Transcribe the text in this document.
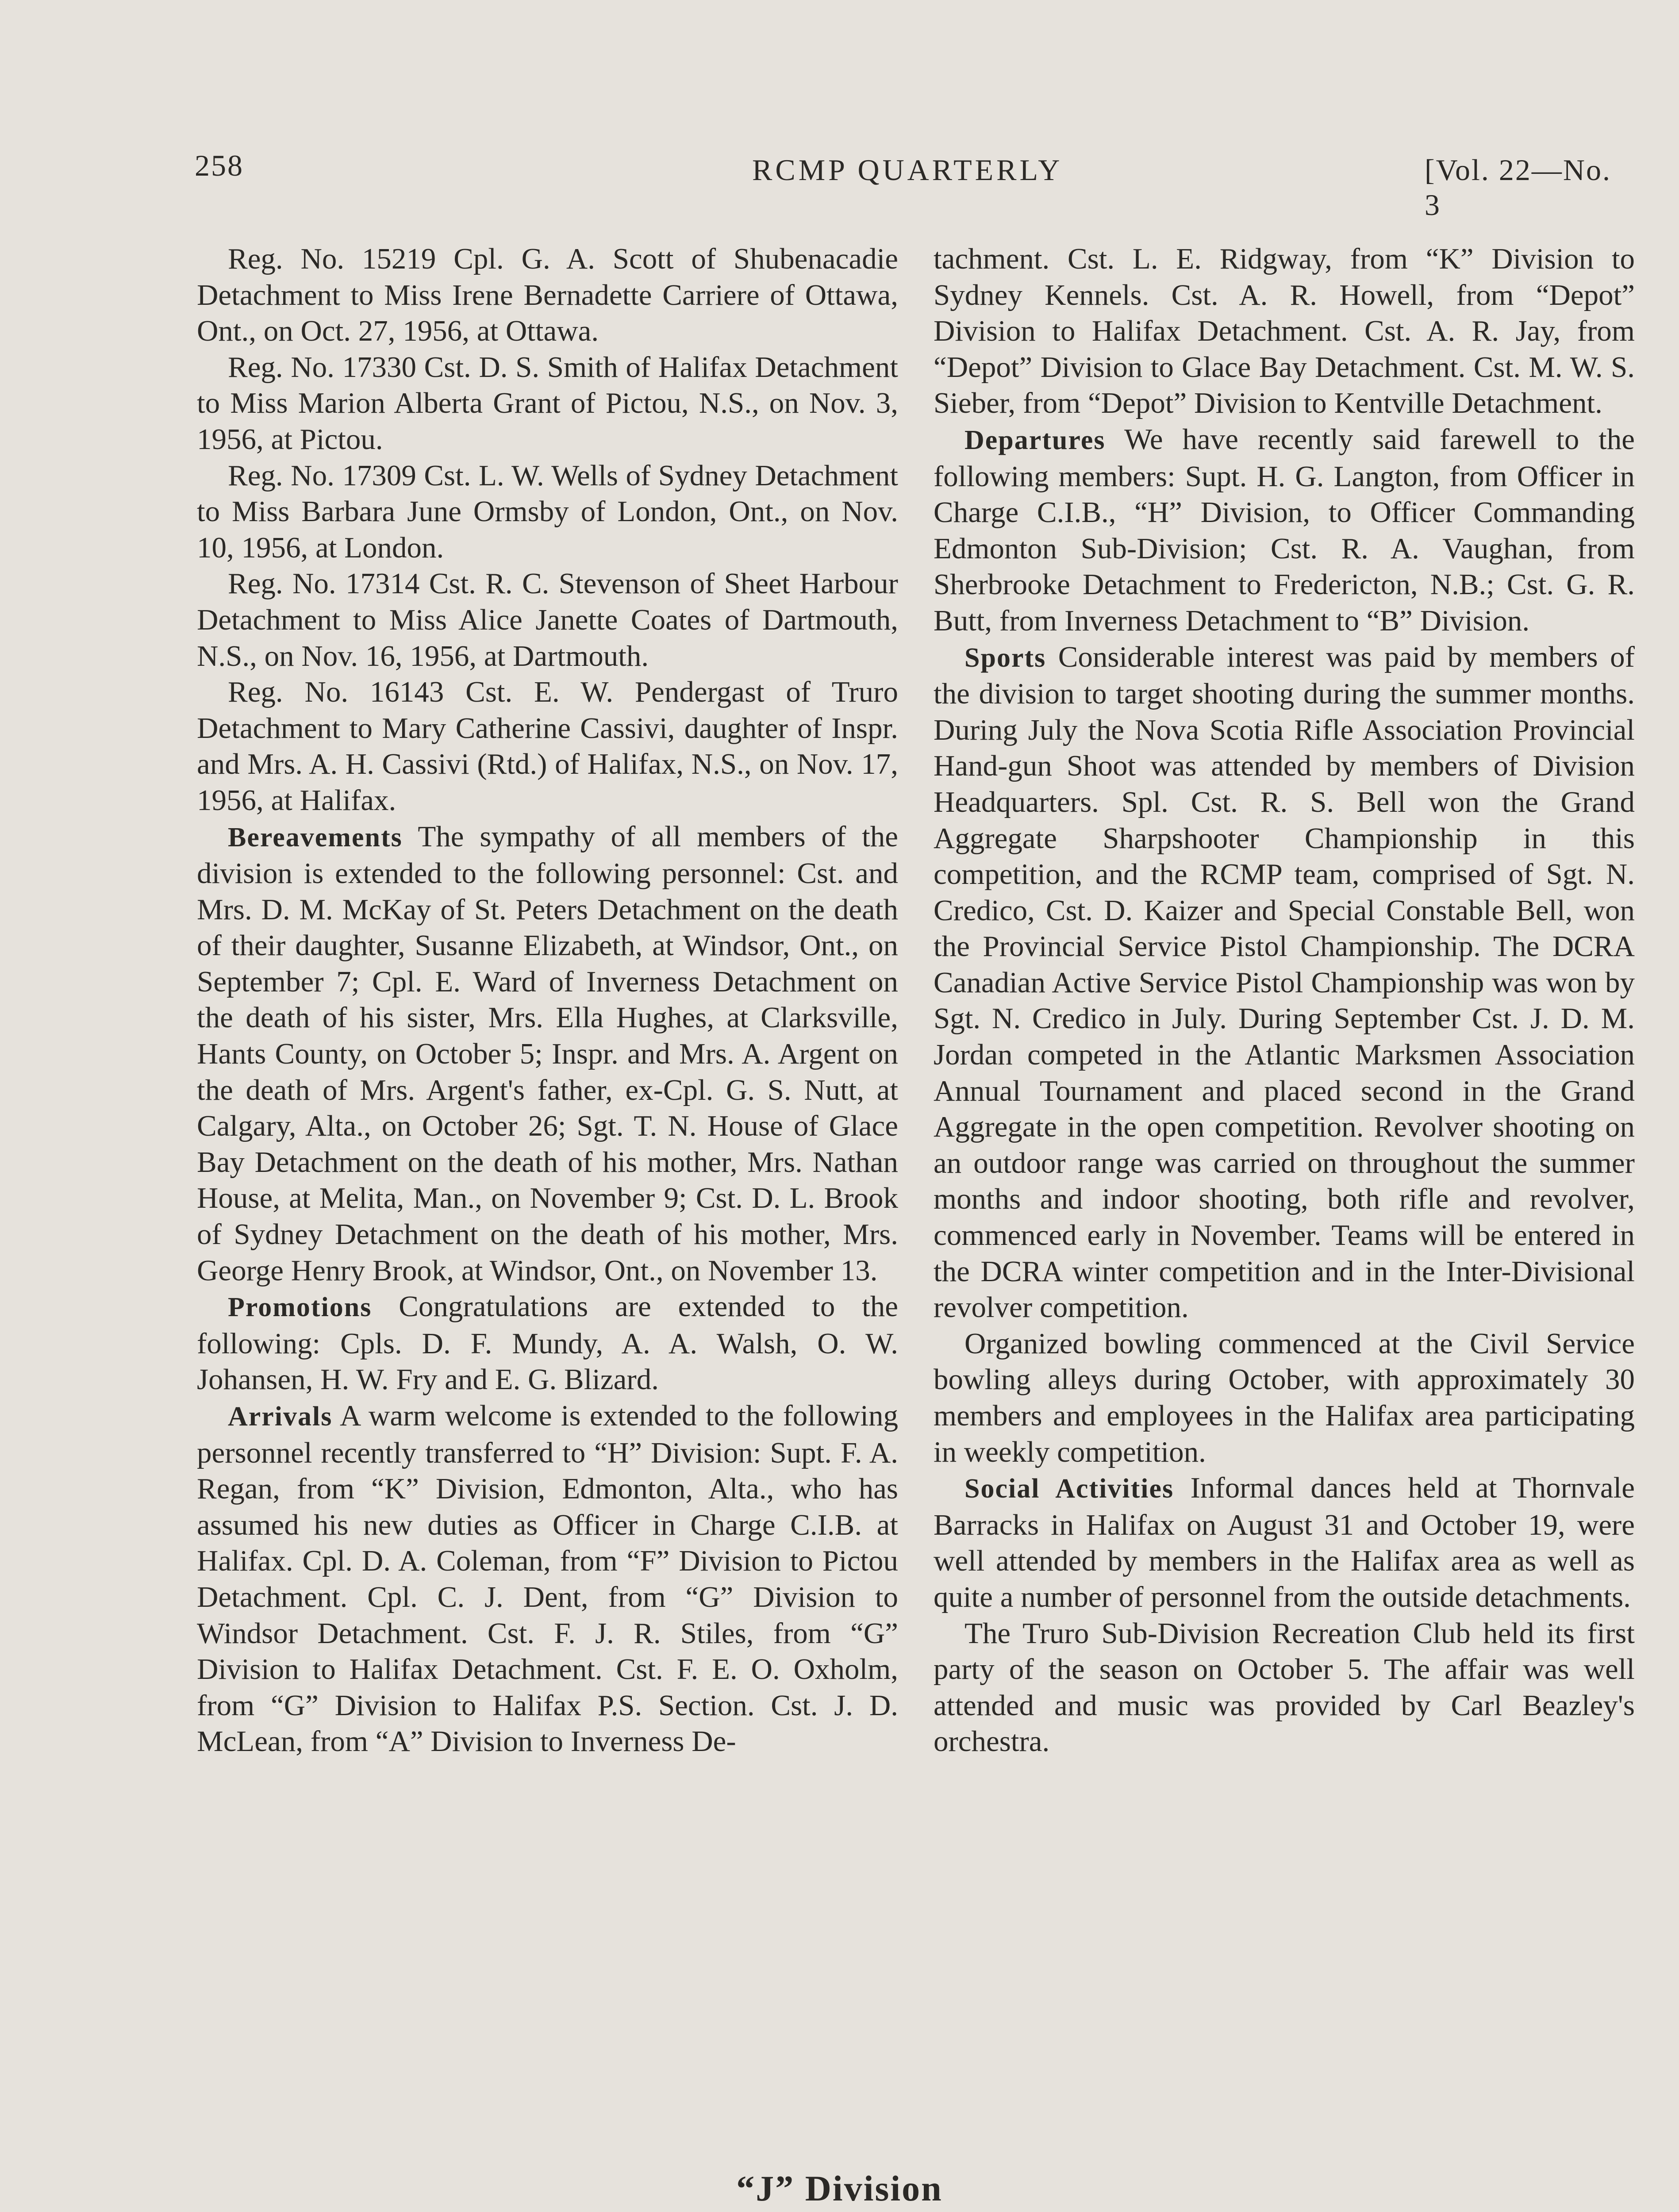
258	RCMP QUARTERLY	[Vol. 22—No. 3

Reg. No. 15219 Cpl. G. A. Scott of Shubenacadie Detachment to Miss Irene Bernadette Carriere of Ottawa, Ont., on Oct. 27, 1956, at Ottawa.

Reg. No. 17330 Cst. D. S. Smith of Halifax Detachment to Miss Marion Alberta Grant of Pictou, N.S., on Nov. 3, 1956, at Pictou.

Reg. No. 17309 Cst. L. W. Wells of Sydney Detachment to Miss Barbara June Ormsby of London, Ont., on Nov. 10, 1956, at London.

Reg. No. 17314 Cst. R. C. Stevenson of Sheet Harbour Detachment to Miss Alice Janette Coates of Dartmouth, N.S., on Nov. 16, 1956, at Dartmouth.

Reg. No. 16143 Cst. E. W. Pendergast of Truro Detachment to Mary Catherine Cassivi, daughter of Inspr. and Mrs. A. H. Cassivi (Rtd.) of Halifax, N.S., on Nov. 17, 1956, at Halifax.

Bereavements The sympathy of all members of the division is extended to the following personnel: Cst. and Mrs. D. M. McKay of St. Peters Detachment on the death of their daughter, Susanne Elizabeth, at Windsor, Ont., on September 7; Cpl. E. Ward of Inverness Detachment on the death of his sister, Mrs. Ella Hughes, at Clarksville, Hants County, on October 5; Inspr. and Mrs. A. Argent on the death of Mrs. Argent's father, ex-Cpl. G. S. Nutt, at Calgary, Alta., on October 26; Sgt. T. N. House of Glace Bay Detachment on the death of his mother, Mrs. Nathan House, at Melita, Man., on November 9; Cst. D. L. Brook of Sydney Detachment on the death of his mother, Mrs. George Henry Brook, at Windsor, Ont., on November 13.

Promotions Congratulations are extended to the following: Cpls. D. F. Mundy, A. A. Walsh, O. W. Johansen, H. W. Fry and E. G. Blizard.

Arrivals A warm welcome is extended to the following personnel recently transferred to “H” Division: Supt. F. A. Regan, from “K” Division, Edmonton, Alta., who has assumed his new duties as Officer in Charge C.I.B. at Halifax. Cpl. D. A. Coleman, from “F” Division to Pictou Detachment. Cpl. C. J. Dent, from “G” Division to Windsor Detachment. Cst. F. J. R. Stiles, from “G” Division to Halifax Detachment. Cst. F. E. O. Oxholm, from “G” Division to Halifax P.S. Section. Cst. J. D. McLean, from “A” Division to Inverness De-

tachment. Cst. L. E. Ridgway, from “K” Division to Sydney Kennels. Cst. A. R. Howell, from “Depot” Division to Halifax Detachment. Cst. A. R. Jay, from “Depot” Division to Glace Bay Detachment. Cst. M. W. S. Sieber, from “Depot” Division to Kentville Detachment.

Departures We have recently said farewell to the following members: Supt. H. G. Langton, from Officer in Charge C.I.B., “H” Division, to Officer Commanding Edmonton Sub-Division; Cst. R. A. Vaughan, from Sherbrooke Detachment to Fredericton, N.B.; Cst. G. R. Butt, from Inverness Detachment to “B” Division.

Sports Considerable interest was paid by members of the division to target shooting during the summer months. During July the Nova Scotia Rifle Association Provincial Hand-gun Shoot was attended by members of Division Headquarters. Spl. Cst. R. S. Bell won the Grand Aggregate Sharpshooter Championship in this competition, and the RCMP team, comprised of Sgt. N. Credico, Cst. D. Kaizer and Special Constable Bell, won the Provincial Service Pistol Championship. The DCRA Canadian Active Service Pistol Championship was won by Sgt. N. Credico in July. During September Cst. J. D. M. Jordan competed in the Atlantic Marksmen Association Annual Tournament and placed second in the Grand Aggregate in the open competition. Revolver shooting on an outdoor range was carried on throughout the summer months and indoor shooting, both rifle and revolver, commenced early in November. Teams will be entered in the DCRA winter competition and in the Inter-Divisional revolver competition.

Organized bowling commenced at the Civil Service bowling alleys during October, with approximately 30 members and employees in the Halifax area participating in weekly competition.

Social Activities Informal dances held at Thornvale Barracks in Halifax on August 31 and October 19, were well attended by members in the Halifax area as well as quite a number of personnel from the outside detachments.

The Truro Sub-Division Recreation Club held its first party of the season on October 5. The affair was well attended and music was provided by Carl Beazley's orchestra.

“J” Division
